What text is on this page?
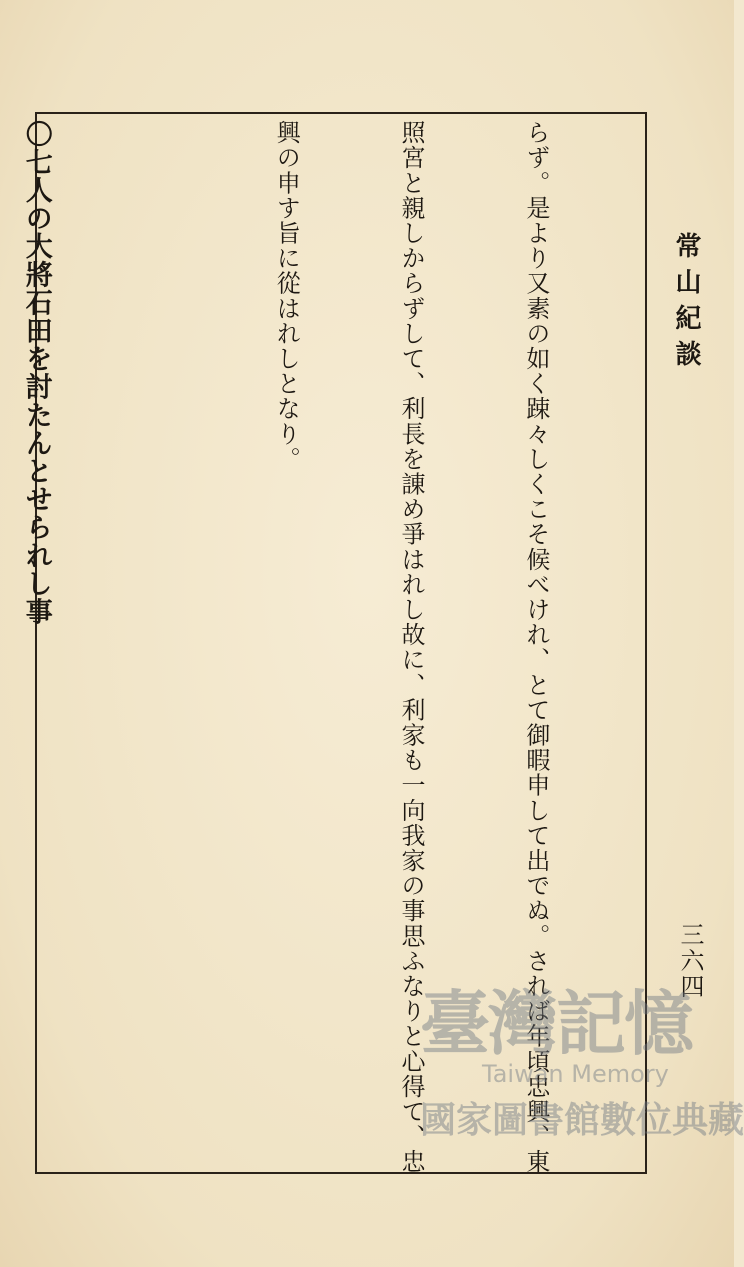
常山紀談
三六四

らず。是より又素の如く踈々しくこそ候べけれ、とて御暇申して出でぬ。されば年頃忠興、東

照宮と親しからずして、利長を諌め爭はれし故に、利家も一向我家の事思ふなりと心得て、忠

興の申す旨に從はれしとなり。

〇七人の大將石田を討たんとせられし事

臺灣記憶
Taiwan Memory
國家圖書館數位典藏
